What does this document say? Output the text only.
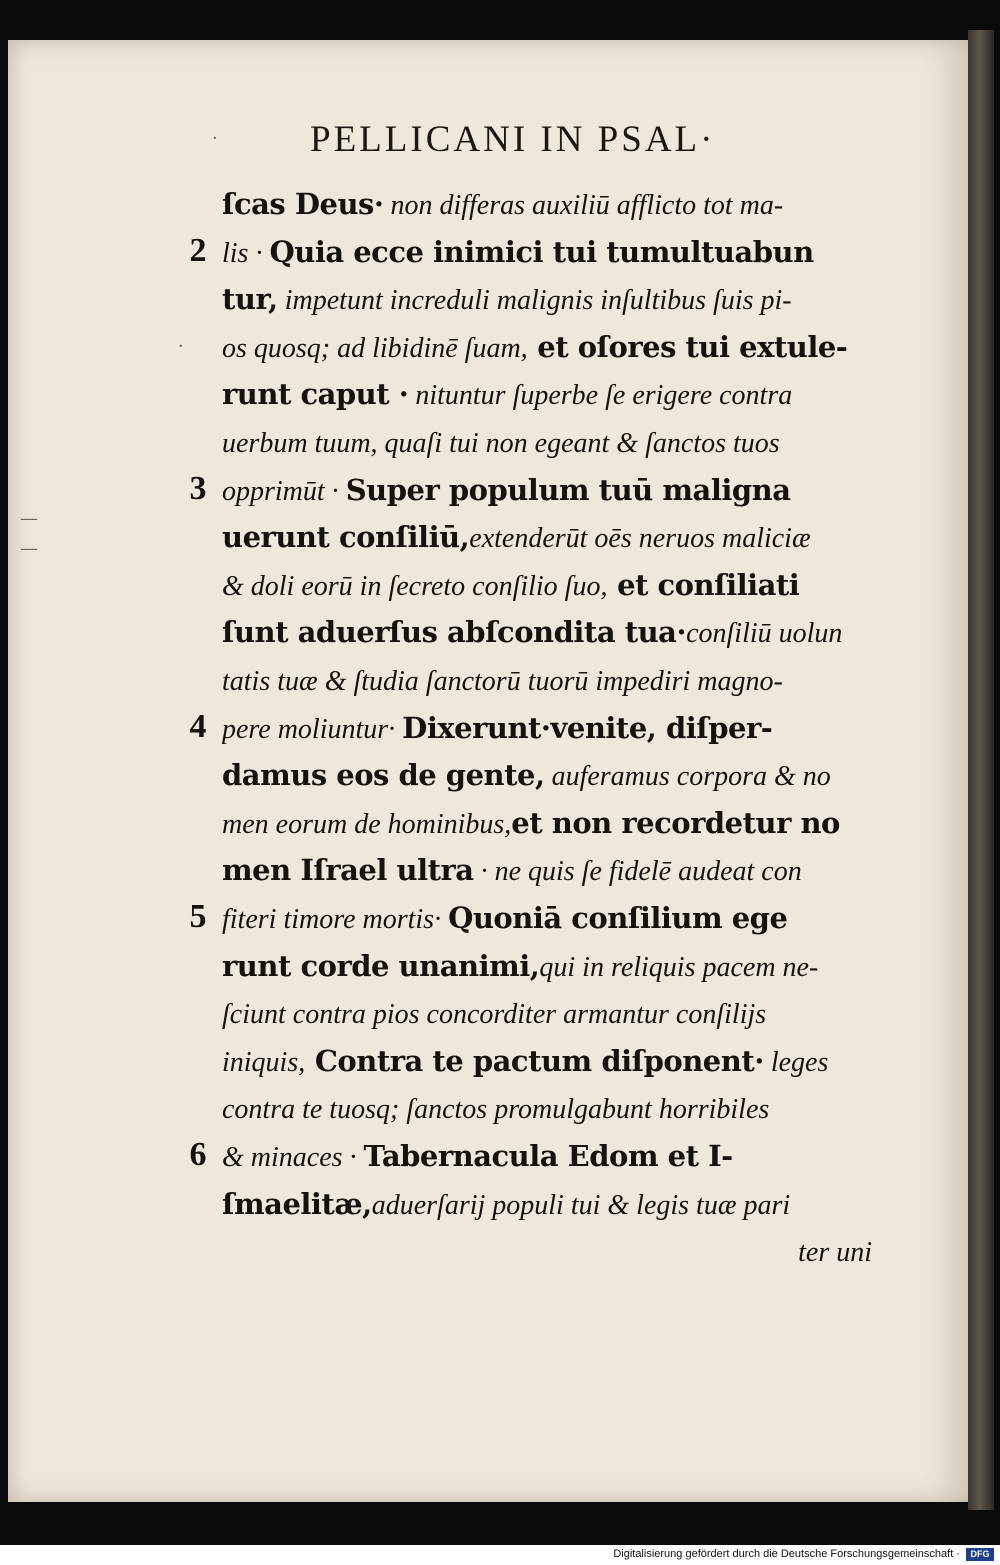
PELLICANI IN PSAL·
ſcas Deus· non differas auxiliū afflicto tot ma-
2 lis · Quia ecce inimici tui tumultuabun
tur, impetunt increduli malignis inſultibus ſuis pi-
os quosq; ad libidinē ſuam, et oſores tui extule-
runt caput · nituntur ſuperbe ſe erigere contra
uerbum tuum, quaſi tui non egeant & ſanctos tuos
3 opprimūt · Super populum tuū maligna
uerunt conſiliū,extenderūt oēs neruos maliciæ
& doli eorū in ſecreto conſilio ſuo, et conſiliati
ſunt aduerſus abſcondita tua·conſiliū uolun
tatis tuæ & ſtudia ſanctorū tuorū impediri magno-
4 pere moliuntur· Dixerunt·venite, diſper-
damus eos de gente, auferamus corpora & no
men eorum de hominibus,et non recordetur no
men Iſrael ultra · ne quis ſe fidelē audeat con
5 fiteri timore mortis· Quoniā conſilium ege
runt corde unanimi,qui in reliquis pacem ne-
ſciunt contra pios concorditer armantur conſilijs
iniquis, Contra te pactum diſponent· leges
contra te tuosq; ſanctos promulgabunt horribiles
6 & minaces · Tabernacula Edom et I-
ſmaelitæ,aduerſarij populi tui & legis tuæ pari
ter uni
·
·
—
—
Digitalisierung gefördert durch die Deutsche Forschungsgemeinschaft ·	DFG
